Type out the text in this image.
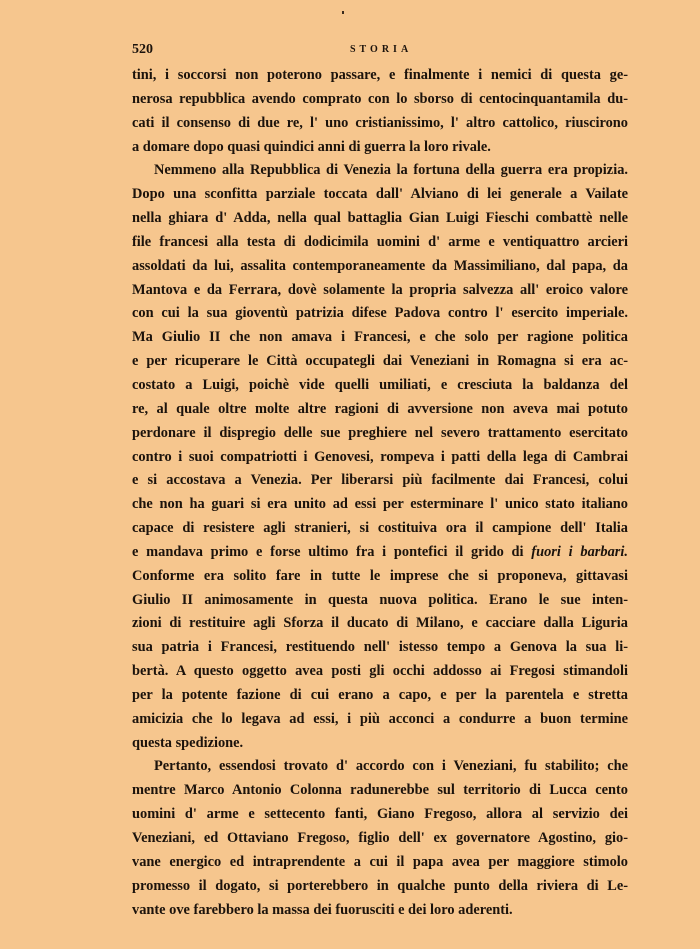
520	STORIA
tini, i soccorsi non poterono passare, e finalmente i nemici di questa ge-
nerosa repubblica avendo comprato con lo sborso di centocinquantamila du-
cati il consenso di due re, l' uno cristianissimo, l' altro cattolico, riuscirono
a domare dopo quasi quindici anni di guerra la loro rivale.
Nemmeno alla Repubblica di Venezia la fortuna della guerra era propizia.
Dopo una sconfitta parziale toccata dall' Alviano di lei generale a Vailate
nella ghiara d' Adda, nella qual battaglia Gian Luigi Fieschi combattè nelle
file francesi alla testa di dodicimila uomini d' arme e ventiquattro arcieri
assoldati da lui, assalita contemporaneamente da Massimiliano, dal papa, da
Mantova e da Ferrara, dovè solamente la propria salvezza all' eroico valore
con cui la sua gioventù patrizia difese Padova contro l' esercito imperiale.
Ma Giulio II che non amava i Francesi, e che solo per ragione politica
e per ricuperare le Città occupategli dai Veneziani in Romagna si era ac-
costato a Luigi, poichè vide quelli umiliati, e cresciuta la baldanza del
re, al quale oltre molte altre ragioni di avversione non aveva mai potuto
perdonare il dispregio delle sue preghiere nel severo trattamento esercitato
contro i suoi compatriotti i Genovesi, rompeva i patti della lega di Cambrai
e si accostava a Venezia. Per liberarsi più facilmente dai Francesi, colui
che non ha guari si era unito ad essi per esterminare l' unico stato italiano
capace di resistere agli stranieri, si costituiva ora il campione dell' Italia
e mandava primo e forse ultimo fra i pontefici il grido di fuori i barbari.
Conforme era solito fare in tutte le imprese che si proponeva, gittavasi
Giulio II animosamente in questa nuova politica. Erano le sue inten-
zioni di restituire agli Sforza il ducato di Milano, e cacciare dalla Liguria
sua patria i Francesi, restituendo nell' istesso tempo a Genova la sua li-
bertà. A questo oggetto avea posti gli occhi addosso ai Fregosi stimandoli
per la potente fazione di cui erano a capo, e per la parentela e stretta
amicizia che lo legava ad essi, i più acconci a condurre a buon termine
questa spedizione.
Pertanto, essendosi trovato d' accordo con i Veneziani, fu stabilito; che
mentre Marco Antonio Colonna radunerebbe sul territorio di Lucca cento
uomini d' arme e settecento fanti, Giano Fregoso, allora al servizio dei
Veneziani, ed Ottaviano Fregoso, figlio dell' ex governatore Agostino, gio-
vane energico ed intraprendente a cui il papa avea per maggiore stimolo
promesso il dogato, si porterebbero in qualche punto della riviera di Le-
vante ove farebbero la massa dei fuorusciti e dei loro aderenti.
